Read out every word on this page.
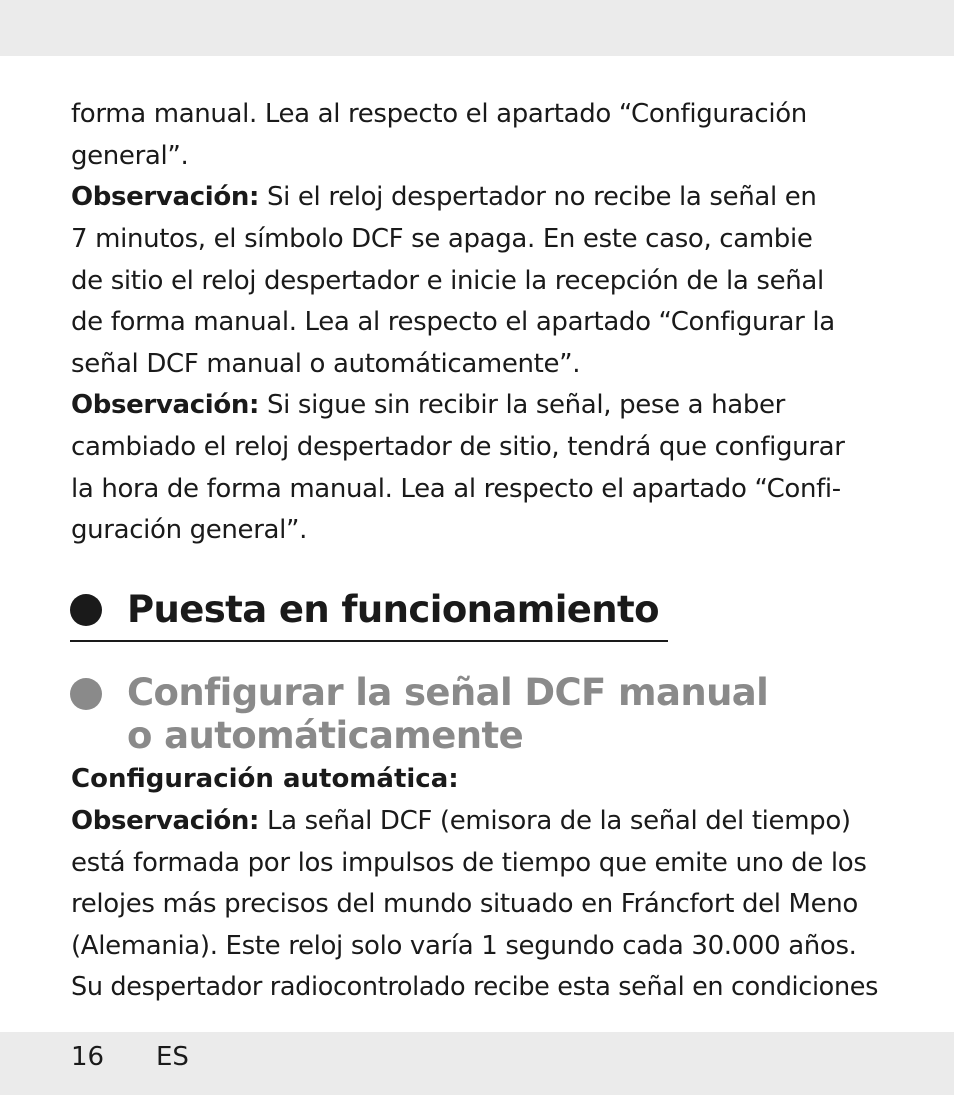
forma manual. Lea al respecto el apartado “Configuración
general”.
Observación: Si el reloj despertador no recibe la señal en
7 minutos, el símbolo DCF se apaga. En este caso, cambie
de sitio el reloj despertador e inicie la recepción de la señal
de forma manual. Lea al respecto el apartado “Configurar la
señal DCF manual o automáticamente”.
Observación: Si sigue sin recibir la señal, pese a haber
cambiado el reloj despertador de sitio, tendrá que configurar
la hora de forma manual. Lea al respecto el apartado “Confi-
guración general”.
Puesta en funcionamiento
Configurar la señal DCF manual
o automáticamente
Configuración automática:
Observación: La señal DCF (emisora de la señal del tiempo)
está formada por los impulsos de tiempo que emite uno de los
relojes más precisos del mundo situado en Fráncfort del Meno
(Alemania). Este reloj solo varía 1 segundo cada 30.000 años.
Su despertador radiocontrolado recibe esta señal en condiciones
16 ES
